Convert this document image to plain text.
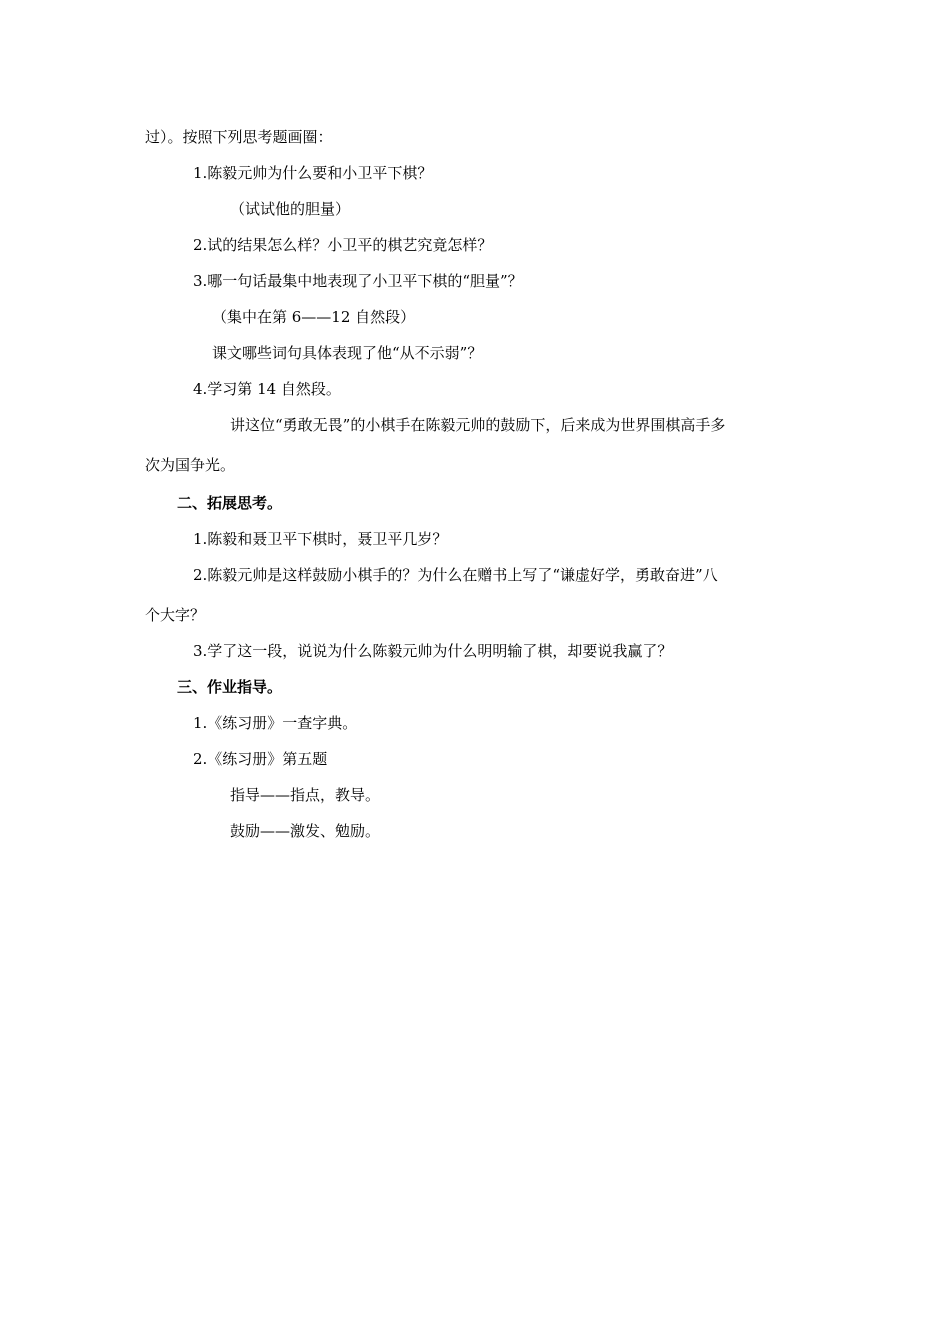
过）。按照下列思考题画圈：
1.陈毅元帅为什么要和小卫平下棋？
（试试他的胆量）
2.试的结果怎么样？小卫平的棋艺究竟怎样？
3.哪一句话最集中地表现了小卫平下棋的“胆量”？
（集中在第 6——12 自然段）
课文哪些词句具体表现了他“从不示弱”？
4.学习第 14 自然段。
讲这位“勇敢无畏”的小棋手在陈毅元帅的鼓励下，后来成为世界围棋高手多
次为国争光。
二、拓展思考。
1.陈毅和聂卫平下棋时，聂卫平几岁？
2.陈毅元帅是这样鼓励小棋手的？为什么在赠书上写了“谦虚好学，勇敢奋进”八
个大字？
3.学了这一段，说说为什么陈毅元帅为什么明明输了棋，却要说我赢了？
三、作业指导。
1.《练习册》一查字典。
2.《练习册》第五题
指导——指点，教导。
鼓励——激发、勉励。
